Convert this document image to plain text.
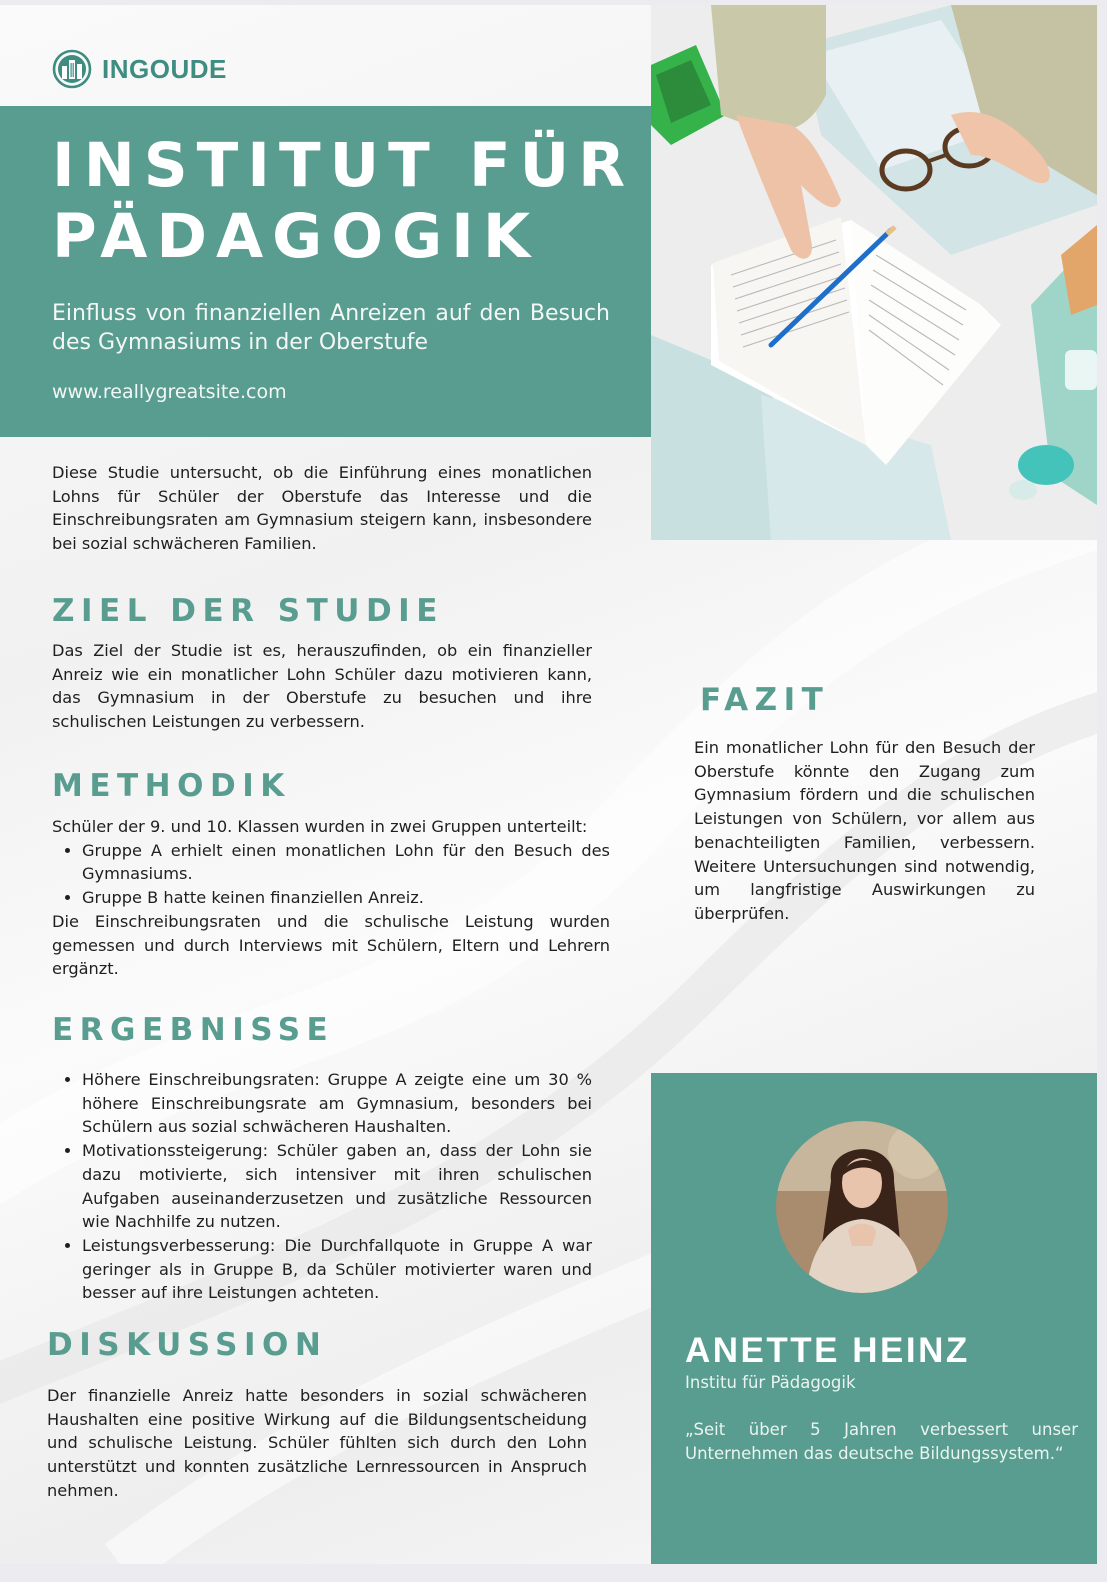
INGOUDE
INSTITUT FÜR
PÄDAGOGIK

Einfluss von finanziellen Anreizen auf den Besuch des Gymnasiums in der Oberstufe

www.reallygreatsite.com

Diese Studie untersucht, ob die Einführung eines monatlichen Lohns für Schüler der Oberstufe das Interesse und die Einschreibungsraten am Gymnasium steigern kann, insbesondere bei sozial schwächeren Familien.

ZIEL DER STUDIE

Das Ziel der Studie ist es, herauszufinden, ob ein finanzieller Anreiz wie ein monatlicher Lohn Schüler dazu motivieren kann, das Gymnasium in der Oberstufe zu besuchen und ihre schulischen Leistungen zu verbessern.

METHODIK
Schüler der 9. und 10. Klassen wurden in zwei Gruppen unterteilt:
• Gruppe A erhielt einen monatlichen Lohn für den Besuch des Gymnasiums.
• Gruppe B hatte keinen finanziellen Anreiz.
Die Einschreibungsraten und die schulische Leistung wurden gemessen und durch Interviews mit Schülern, Eltern und Lehrern ergänzt.
ERGEBNISSE
• Höhere Einschreibungsraten: Gruppe A zeigte eine um 30 % höhere Einschreibungsrate am Gymnasium, besonders bei Schülern aus sozial schwächeren Haushalten.
• Motivationssteigerung: Schüler gaben an, dass der Lohn sie dazu motivierte, sich intensiver mit ihren schulischen Aufgaben auseinanderzusetzen und zusätzliche Ressourcen wie Nachhilfe zu nutzen.
• Leistungsverbesserung: Die Durchfallquote in Gruppe A war geringer als in Gruppe B, da Schüler motivierter waren und besser auf ihre Leistungen achteten.
DISKUSSION

Der finanzielle Anreiz hatte besonders in sozial schwächeren Haushalten eine positive Wirkung auf die Bildungsentscheidung und schulische Leistung. Schüler fühlten sich durch den Lohn unterstützt und konnten zusätzliche Lernressourcen in Anspruch nehmen.

FAZIT

Ein monatlicher Lohn für den Besuch der Oberstufe könnte den Zugang zum Gymnasium fördern und die schulischen Leistungen von Schülern, vor allem aus benachteiligten Familien, verbessern. Weitere Untersuchungen sind notwendig, um langfristige Auswirkungen zu überprüfen.

ANETTE HEINZ
Institu für Pädagogik

„Seit über 5 Jahren verbessert unser Unternehmen das deutsche Bildungssystem.“
